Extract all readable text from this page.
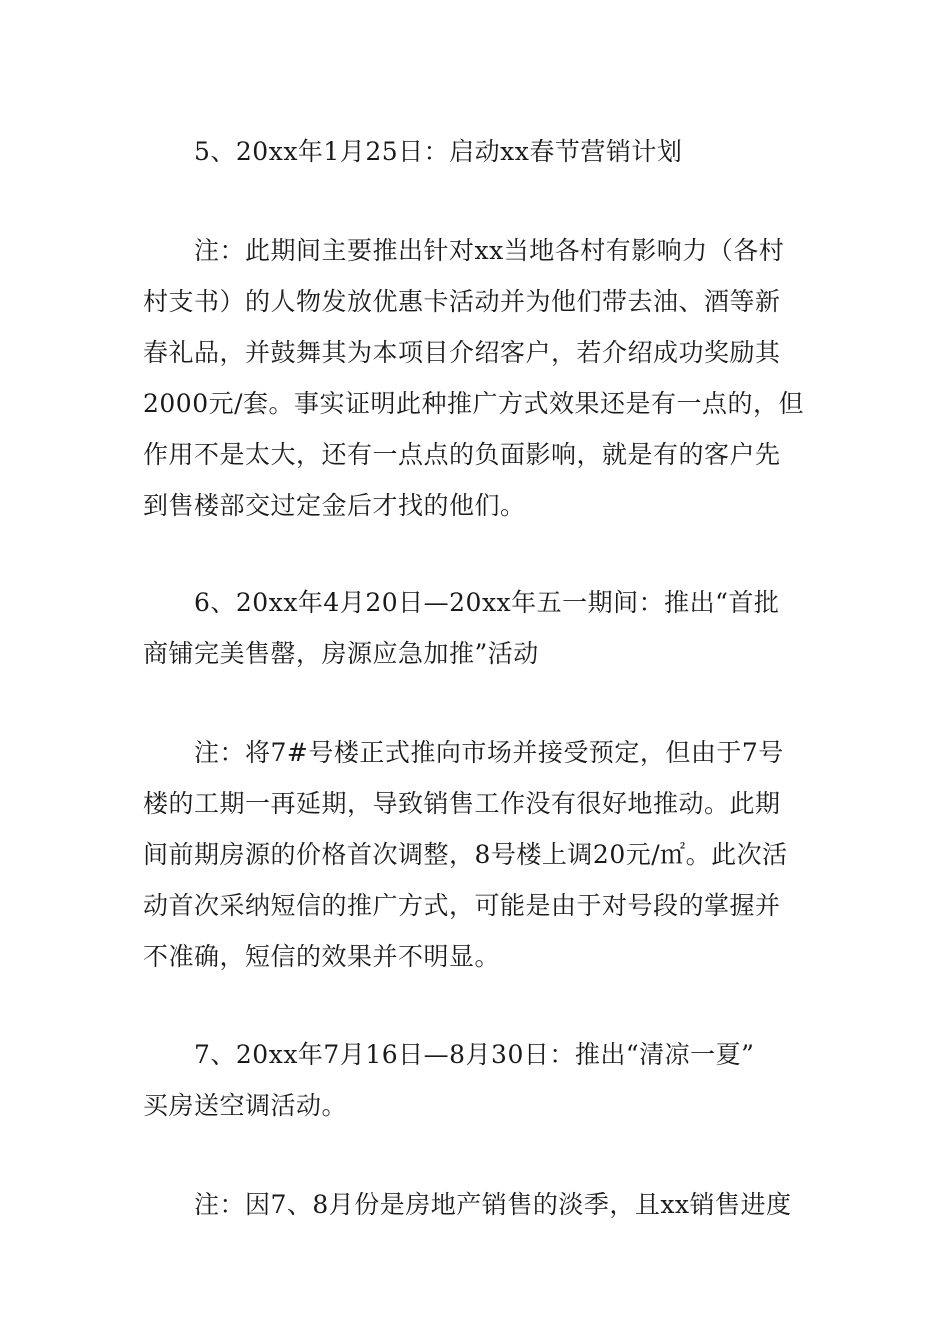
5、20xx年1月25日：启动xx春节营销计划
注：此期间主要推出针对xx当地各村有影响力（各村
村支书）的人物发放优惠卡活动并为他们带去油、酒等新
春礼品，并鼓舞其为本项目介绍客户，若介绍成功奖励其
2000元/套。事实证明此种推广方式效果还是有一点的，但
作用不是太大，还有一点点的负面影响，就是有的客户先
到售楼部交过定金后才找的他们。
6、20xx年4月20日—20xx年五一期间：推出“首批
商铺完美售罄，房源应急加推”活动
注：将7#号楼正式推向市场并接受预定，但由于7号
楼的工期一再延期，导致销售工作没有很好地推动。此期
间前期房源的价格首次调整，8号楼上调20元/㎡。此次活
动首次采纳短信的推广方式，可能是由于对号段的掌握并
不准确，短信的效果并不明显。
7、20xx年7月16日—8月30日：推出“清凉一夏”
买房送空调活动。
注：因7、8月份是房地产销售的淡季，且xx销售进度
